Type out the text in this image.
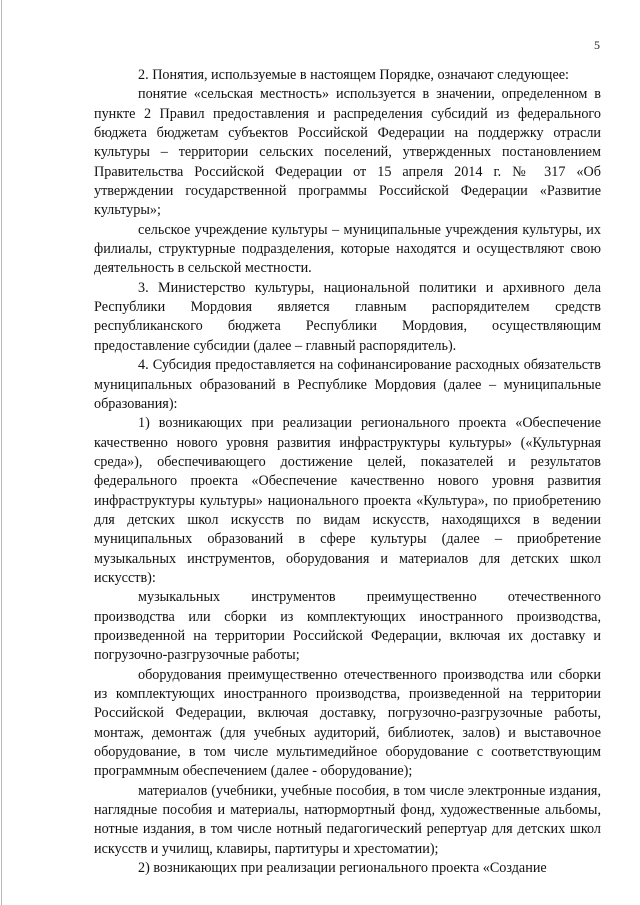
5

2. Понятия, используемые в настоящем Порядке, означают следующее:

понятие «сельская местность» используется в значении, определенном в пункте 2 Правил предоставления и распределения субсидий из федерального бюджета бюджетам субъектов Российской Федерации на поддержку отрасли культуры – территории сельских поселений, утвержденных постановлением Правительства Российской Федерации от 15 апреля 2014 г. № 317 «Об утверждении государственной программы Российской Федерации «Развитие культуры»;

сельское учреждение культуры – муниципальные учреждения культуры, их филиалы, структурные подразделения, которые находятся и осуществляют свою деятельность в сельской местности.

3. Министерство культуры, национальной политики и архивного дела Республики Мордовия является главным распорядителем средств республиканского бюджета Республики Мордовия, осуществляющим предоставление субсидии (далее – главный распорядитель).

4. Субсидия предоставляется на софинансирование расходных обязательств муниципальных образований в Республике Мордовия (далее – муниципальные образования):

1) возникающих при реализации регионального проекта «Обеспечение качественно нового уровня развития инфраструктуры культуры» («Культурная среда»), обеспечивающего достижение целей, показателей и результатов федерального проекта «Обеспечение качественно нового уровня развития инфраструктуры культуры» национального проекта «Культура», по приобретению для детских школ искусств по видам искусств, находящихся в ведении муниципальных образований в сфере культуры (далее – приобретение музыкальных инструментов, оборудования и материалов для детских школ искусств):

музыкальных инструментов преимущественно отечественного производства или сборки из комплектующих иностранного производства, произведенной на территории Российской Федерации, включая их доставку и погрузочно-разгрузочные работы;

оборудования преимущественно отечественного производства или сборки из комплектующих иностранного производства, произведенной на территории Российской Федерации, включая доставку, погрузочно-разгрузочные работы, монтаж, демонтаж (для учебных аудиторий, библиотек, залов) и выставочное оборудование, в том числе мультимедийное оборудование с соответствующим программным обеспечением (далее - оборудование);

материалов (учебники, учебные пособия, в том числе электронные издания, наглядные пособия и материалы, натюрмортный фонд, художественные альбомы, нотные издания, в том числе нотный педагогический репертуар для детских школ искусств и училищ, клавиры, партитуры и хрестоматии);

2) возникающих при реализации регионального проекта «Создание
